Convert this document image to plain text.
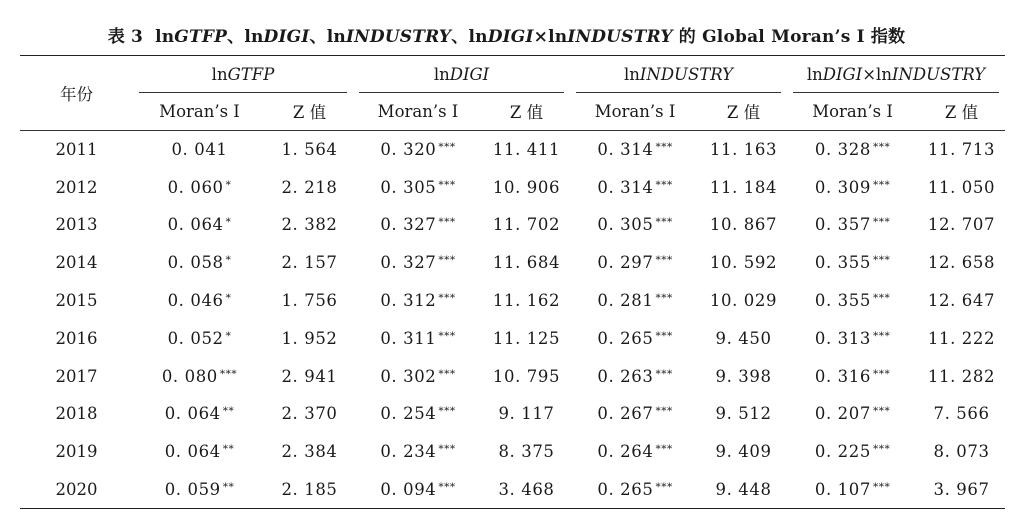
表 3 lnGTFP、lnDIGI、lnINDUSTRY、lnDIGI×lnINDUSTRY 的 Global Moran’s I 指数
年份	lnGTFP		lnDIGI		lnINDUSTRY		lnDIGI×lnINDUSTRY	

	Moran’s I	Z 值	Moran’s I	Z 值	Moran’s I	Z 值	Moran’s I	Z 值
2011	0. 041	1. 564	0. 320 ***	11. 411	0. 314 ***	11. 163	0. 328 ***	11. 713
2012	0. 060 *	2. 218	0. 305 ***	10. 906	0. 314 ***	11. 184	0. 309 ***	11. 050
2013	0. 064 *	2. 382	0. 327 ***	11. 702	0. 305 ***	10. 867	0. 357 ***	12. 707
2014	0. 058 *	2. 157	0. 327 ***	11. 684	0. 297 ***	10. 592	0. 355 ***	12. 658
2015	0. 046 *	1. 756	0. 312 ***	11. 162	0. 281 ***	10. 029	0. 355 ***	12. 647
2016	0. 052 *	1. 952	0. 311 ***	11. 125	0. 265 ***	9. 450	0. 313 ***	11. 222
2017	0. 080 ***	2. 941	0. 302 ***	10. 795	0. 263 ***	9. 398	0. 316 ***	11. 282
2018	0. 064 **	2. 370	0. 254 ***	9. 117	0. 267 ***	9. 512	0. 207 ***	7. 566
2019	0. 064 **	2. 384	0. 234 ***	8. 375	0. 264 ***	9. 409	0. 225 ***	8. 073
2020	0. 059 **	2. 185	0. 094 ***	3. 468	0. 265 ***	9. 448	0. 107 ***	3. 967
